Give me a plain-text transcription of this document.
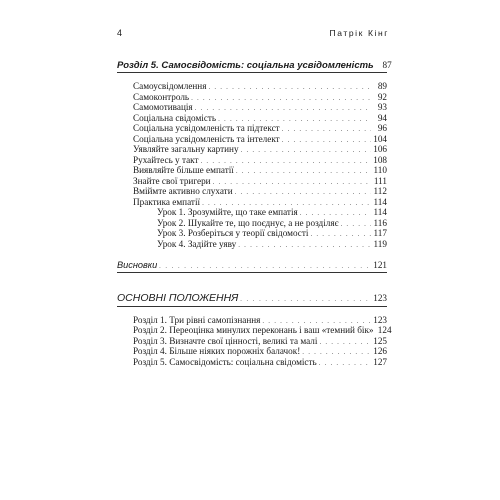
4	Патрік Кінг
Розділ 5. Самосвідомість: соціальна усвідомленість 87
Самоусвідомлення . . .	89
Самоконтроль . . .	92
Самомотивація . . .	93
Соціальна свідомість . . .	94
Соціальна усвідомленість та підтекст . . .	96
Соціальна усвідомленість та інтелект . . .	104
Уявляйте загальну картину . . .	106
Рухайтесь у такт . . .	108
Виявляйте більше емпатії . . .	110
Знайте свої тригери . . .	111
Вміймте активно слухати . . .	112
Практика емпатії . . .	114
Урок 1. Зрозумійте, що таке емпатія . . .	114
Урок 2. Шукайте те, що поєднує, а не розділяє . . .	116
Урок 3. Розберіться у теорії свідомості . . .	117
Урок 4. Задійте уяву . . .	119
Висновки . . .	121
ОСНОВНІ ПОЛОЖЕННЯ . . .	123
Розділ 1. Три рівні самопізнання . . .	123
Розділ 2. Переоцінка минулих переконань і ваш «темний бік» 124
Розділ 3. Визначте свої цінності, великі та малі . . .	125
Розділ 4. Більше ніяких порожніх балачок! . . .	126
Розділ 5. Самосвідомість: соціальна свідомість . . .	127
